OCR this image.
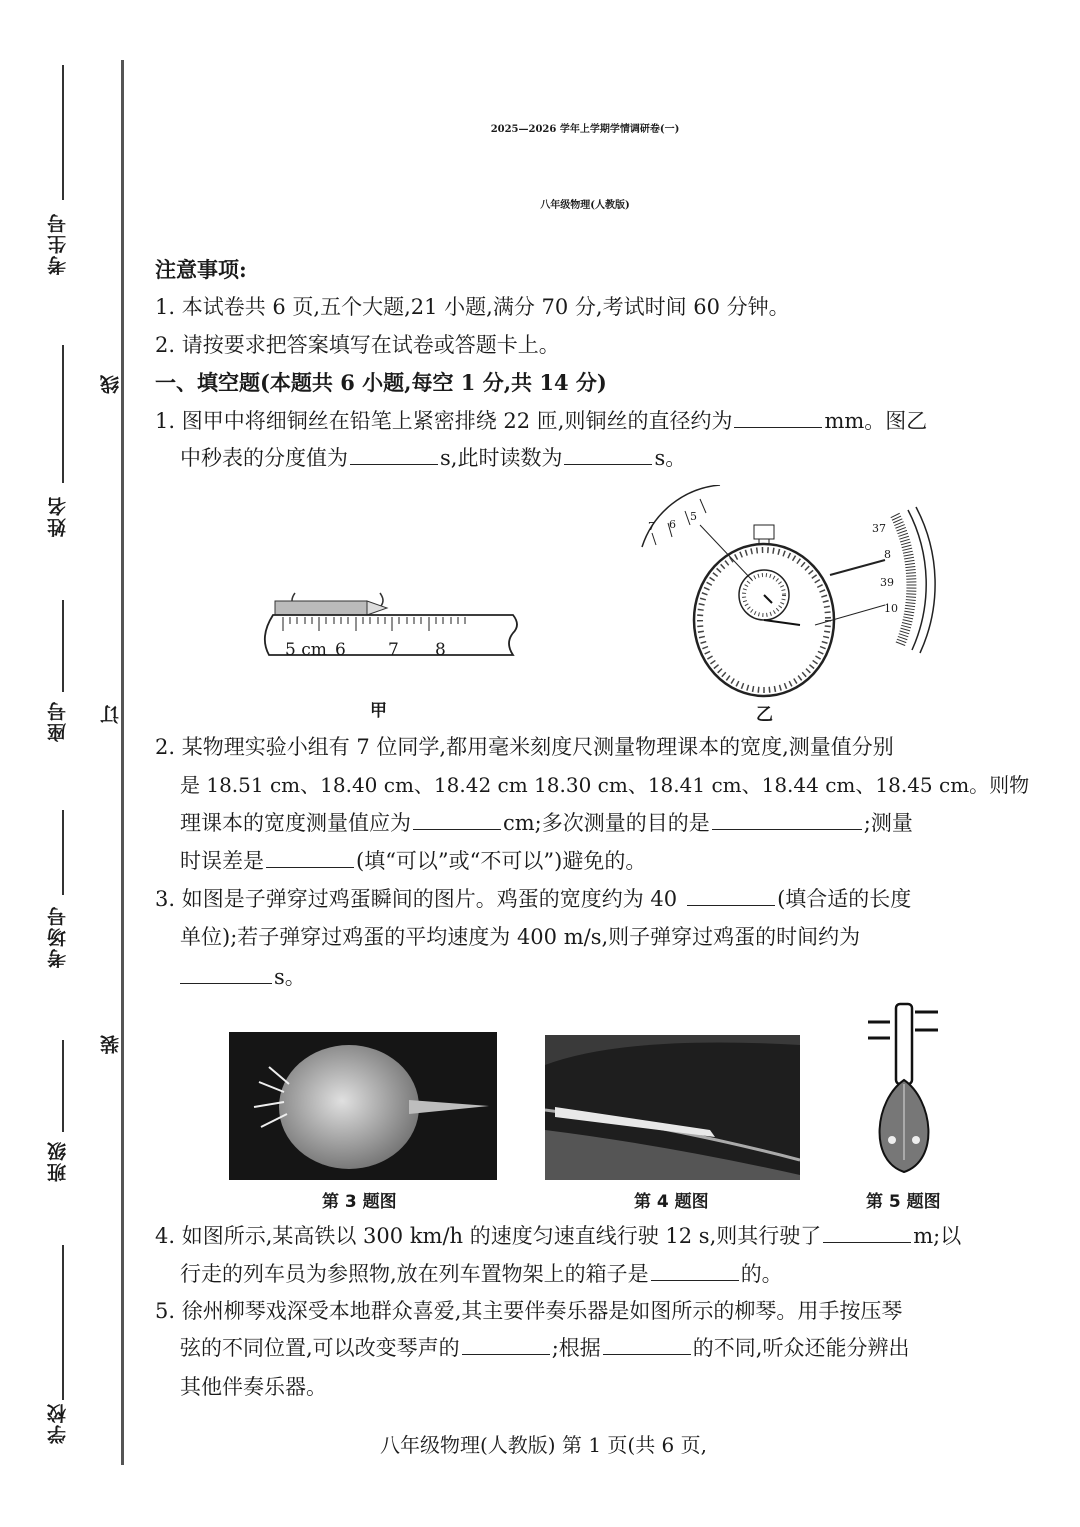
考生号
姓名
座号
考场号
班级
学校
线
订
装
2025—2026 学年上学期学情调研卷(一)
八年级物理(人教版)
注意事项:
1. 本试卷共 6 页,五个大题,21 小题,满分 70 分,考试时间 60 分钟。
2. 请按要求把答案填写在试卷或答题卡上。
一、填空题(本题共 6 小题,每空 1 分,共 14 分)
1. 图甲中将细铜丝在铅笔上紧密排绕 22 匝,则铜丝的直径约为	mm。图乙
中秒表的分度值为	s,此时读数为	s。
5 cm 6 7 8
甲
7 6
5
37
8
39
10
乙
2. 某物理实验小组有 7 位同学,都用毫米刻度尺测量物理课本的宽度,测量值分别
是 18.51 cm、18.40 cm、18.42 cm 18.30 cm、18.41 cm、18.44 cm、18.45 cm。则物
理课本的宽度测量值应为	cm;多次测量的目的是	;测量
时误差是	(填“可以”或“不可以”)避免的。
3. 如图是子弹穿过鸡蛋瞬间的图片。鸡蛋的宽度约为 40	(填合适的长度
单位);若子弹穿过鸡蛋的平均速度为 400 m/s,则子弹穿过鸡蛋的时间约为
s。
第 3 题图	第 4 题图	第 5 题图
4. 如图所示,某高铁以 300 km/h 的速度匀速直线行驶 12 s,则其行驶了	m;以
行走的列车员为参照物,放在列车置物架上的箱子是	的。
5. 徐州柳琴戏深受本地群众喜爱,其主要伴奏乐器是如图所示的柳琴。用手按压琴
弦的不同位置,可以改变琴声的	;根据	的不同,听众还能分辨出
其他伴奏乐器。
八年级物理(人教版) 第 1 页(共 6 页,
